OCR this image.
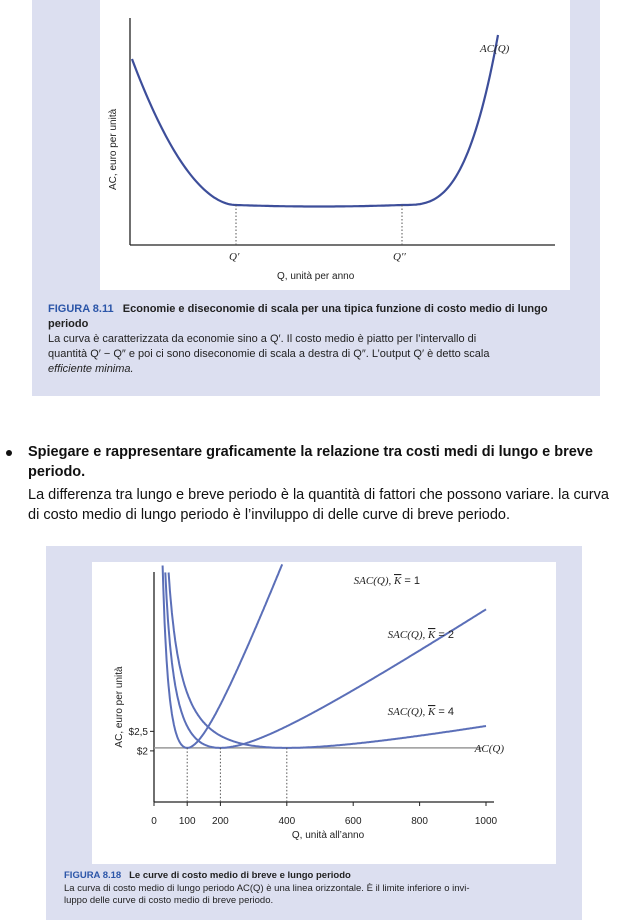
AC(Q)
Q′	Q′′
Q, unità per anno
AC, euro per unità
FIGURA 8.11 Economie e diseconomie di scala per una tipica funzione di costo medio di lungo periodo
La curva è caratterizzata da economie sino a Q′. Il costo medio è piatto per l’intervallo di
quantità Q′ − Q″ e poi ci sono diseconomie di scala a destra di Q″. L’output Q′ è detto scala
efficiente minima.
Spiegare e rappresentare graficamente la relazione tra costi medi di lungo e breve periodo.
La differenza tra lungo e breve periodo è la quantità di fattori che possono variare. la curva di costo medio di lungo periodo è l’inviluppo di delle curve di breve periodo.
SAC(Q), K = 1
SAC(Q), K = 2
SAC(Q), K = 4
AC(Q)
0 100 200	400	600	800	1000
$2
$2,5
Q, unità all’anno
AC, euro per unità
FIGURA 8.18 Le curve di costo medio di breve e lungo periodo
La curva di costo medio di lungo periodo AC(Q) è una linea orizzontale. È il limite inferiore o invi-
luppo delle curve di costo medio di breve periodo.
